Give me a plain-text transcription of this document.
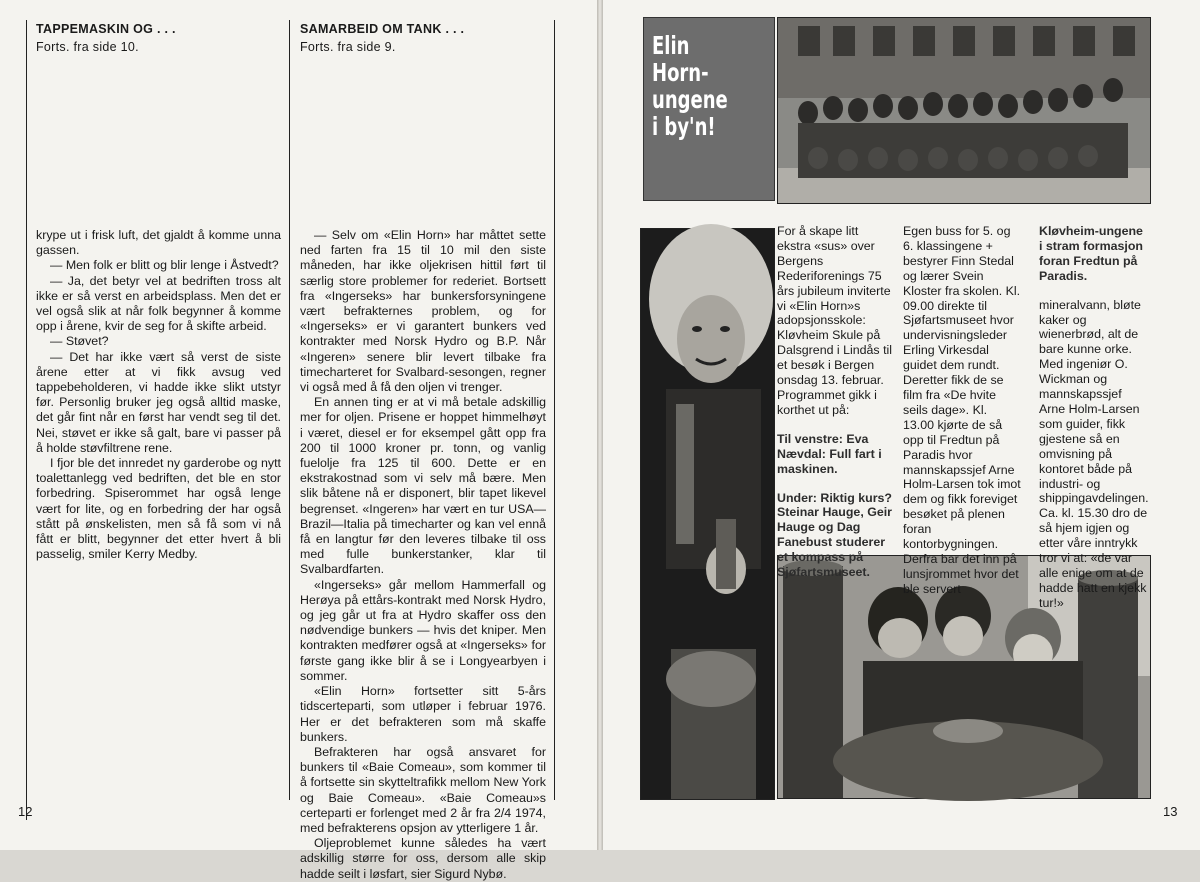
TAPPEMASKIN OG . . .
Forts. fra side 10.
SAMARBEID OM TANK . . .
Forts. fra side 9.

krype ut i frisk luft, det gjaldt å komme unna gassen.

— Men folk er blitt og blir lenge i Åstvedt?

— Ja, det betyr vel at bedriften tross alt ikke er så verst en arbeidsplass. Men det er vel også slik at når folk begynner å komme opp i årene, kvir de seg for å skifte arbeid.

— Støvet?

— Det har ikke vært så verst de siste årene etter at vi fikk avsug ved tappebeholderen, vi hadde ikke slikt utstyr før. Personlig bruker jeg også alltid maske, det går fint når en først har vendt seg til det. Nei, støvet er ikke så galt, bare vi passer på å holde støvfiltrene rene.

I fjor ble det innredet ny garderobe og nytt toalettanlegg ved bedriften, det ble en stor forbedring. Spiserommet har også lenge vært for lite, og en forbedring der har også stått på ønskelisten, men så få som vi nå fått er blitt, begynner det etter hvert å bli passelig, smiler Kerry Medby.

— Selv om «Elin Horn» har måttet sette ned farten fra 15 til 10 mil den siste måneden, har ikke oljekrisen hittil ført til særlig store problemer for rederiet. Bortsett fra «Ingerseks» har bunkersforsyningene vært befrakternes problem, og for «Ingerseks» er vi garantert bunkers ved kontrakter med Norsk Hydro og B.P. Når «Ingeren» senere blir levert tilbake fra timecharteret for Svalbard-sesongen, regner vi også med å få den oljen vi trenger.

En annen ting er at vi må betale adskillig mer for oljen. Prisene er hoppet himmelhøyt i været, diesel er for eksempel gått opp fra 200 til 1000 kroner pr. tonn, og vanlig fuelolje fra 125 til 600. Dette er en ekstrakostnad som vi selv må bære. Men slik båtene nå er disponert, blir tapet likevel begrenset. «Ingeren» har vært en tur USA—Brazil—Italia på timecharter og kan vel ennå få en langtur før den leveres tilbake til oss med fulle bunkerstanker, klar til Svalbardfarten.

«Ingerseks» går mellom Hammerfall og Herøya på ettårs-kontrakt med Norsk Hydro, og jeg går ut fra at Hydro skaffer oss den nødvendige bunkers — hvis det kniper. Men kontrakten medfører også at «Ingerseks» for første gang ikke blir å se i Longyearbyen i sommer.

«Elin Horn» fortsetter sitt 5-års tidscerteparti, som utløper i februar 1976. Her er det befrakteren som må skaffe bunkers.

Befrakteren har også ansvaret for bunkers til «Baie Comeau», som kommer til å fortsette sin skytteltrafikk mellom New York og Baie Comeau». «Baie Comeau»s certeparti er forlenget med 2 år fra 2/4 1974, med befrakterens opsjon av ytterligere 1 år.

Oljeproblemet kunne således ha vært adskillig større for oss, dersom alle skip hadde seilt i løsfart, sier Sigurd Nybø.

12
Elin Horn-
ungene
i by'n!

For å skape litt ekstra «sus» over Bergens Rederiforenings 75 års jubileum inviterte vi «Elin Horn»s adopsjonsskole: Kløvheim Skule på Dalsgrend i Lindås til et besøk i Bergen onsdag 13. februar. Programmet gikk i korthet ut på:

Til venstre: Eva Nævdal: Full fart i maskinen.

Under: Riktig kurs? Steinar Hauge, Geir Hauge og Dag Fanebust studerer et kompass på Sjøfartsmuseet.

Egen buss for 5. og 6. klassingene + bestyrer Finn Stedal og lærer Svein Kloster fra skolen. Kl. 09.00 direkte til Sjøfartsmuseet hvor undervisningsleder Erling Virkesdal guidet dem rundt. Deretter fikk de se film fra «De hvite seils dage». Kl. 13.00 kjørte de så opp til Fredtun på Paradis hvor mannskapssjef Arne Holm-Larsen tok imot dem og fikk foreviget besøket på plenen foran kontorbygningen. Derfra bar det inn på lunsjrommet hvor det ble servert

Kløvheim-ungene i stram formasjon foran Fredtun på Paradis.

mineralvann, bløte kaker og wienerbrød, alt de bare kunne orke. Med ingeniør O. Wickman og mannskapssjef Arne Holm-Larsen som guider, fikk gjestene så en omvisning på kontoret både på industri- og shippingavdelingen. Ca. kl. 15.30 dro de så hjem igjen og etter våre inntrykk tror vi at: «de var alle enige om at de hadde hatt en kjekk tur!»

13
